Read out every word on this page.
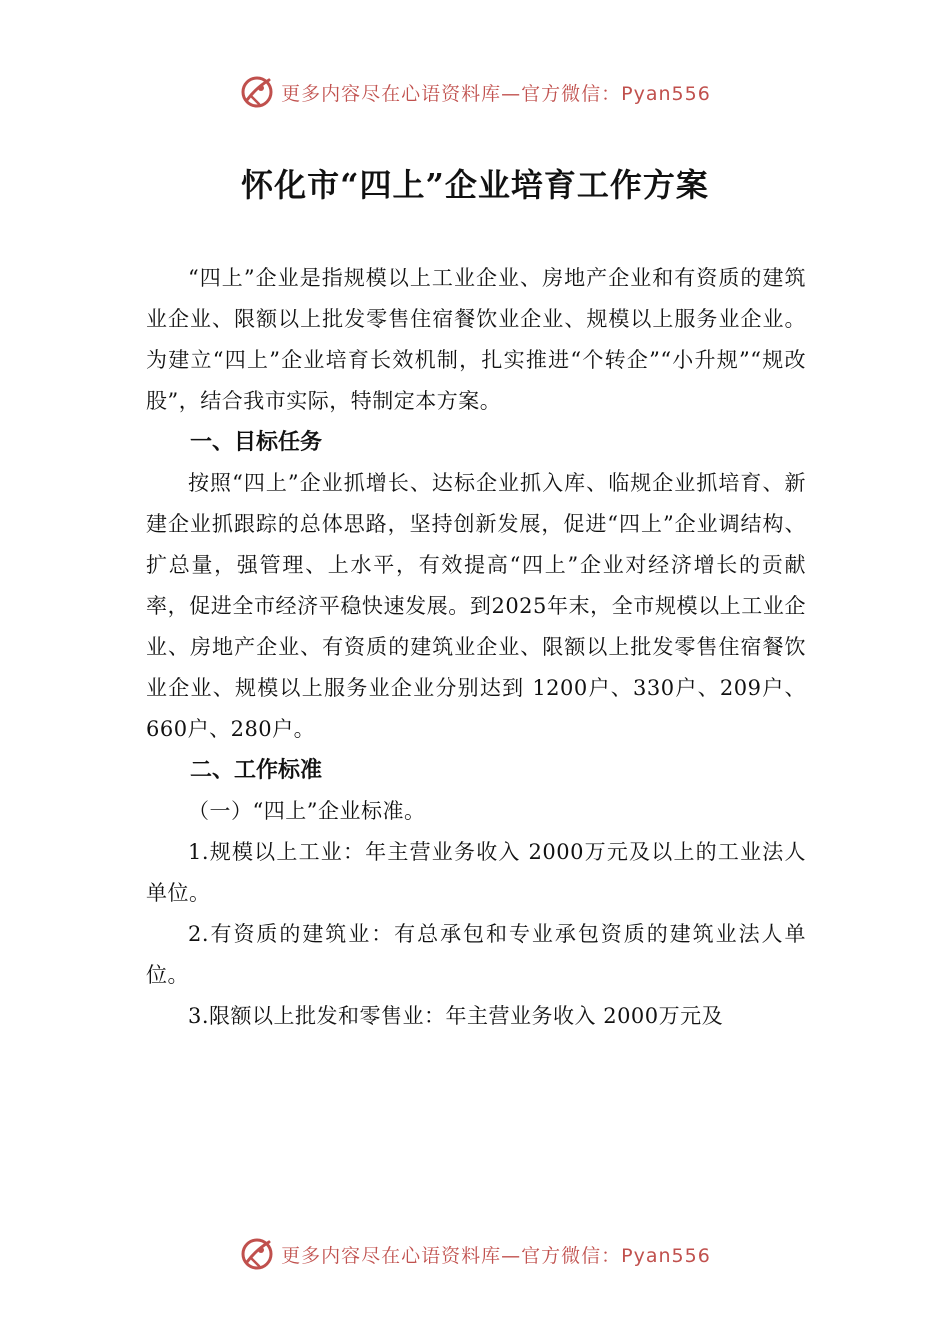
更多内容尽在心语资料库—官方微信：Pyan556
怀化市“四上”企业培育工作方案

“四上”企业是指规模以上工业企业、房地产企业和有资质的建筑业企业、限额以上批发零售住宿餐饮业企业、规模以上服务业企业。为建立“四上”企业培育长效机制，扎实推进“个转企”“小升规”“规改股”，结合我市实际，特制定本方案。

一、目标任务

按照“四上”企业抓增长、达标企业抓入库、临规企业抓培育、新建企业抓跟踪的总体思路，坚持创新发展，促进“四上”企业调结构、扩总量，强管理、上水平，有效提高“四上”企业对经济增长的贡献率，促进全市经济平稳快速发展。到2025年末，全市规模以上工业企业、房地产企业、有资质的建筑业企业、限额以上批发零售住宿餐饮业企业、规模以上服务业企业分别达到 1200户、330户、209户、660户、280户。

二、工作标准

（一）“四上”企业标准。

1.规模以上工业：年主营业务收入 2000万元及以上的工业法人单位。

2.有资质的建筑业：有总承包和专业承包资质的建筑业法人单位。

3.限额以上批发和零售业：年主营业务收入 2000万元及

更多内容尽在心语资料库—官方微信：Pyan556
